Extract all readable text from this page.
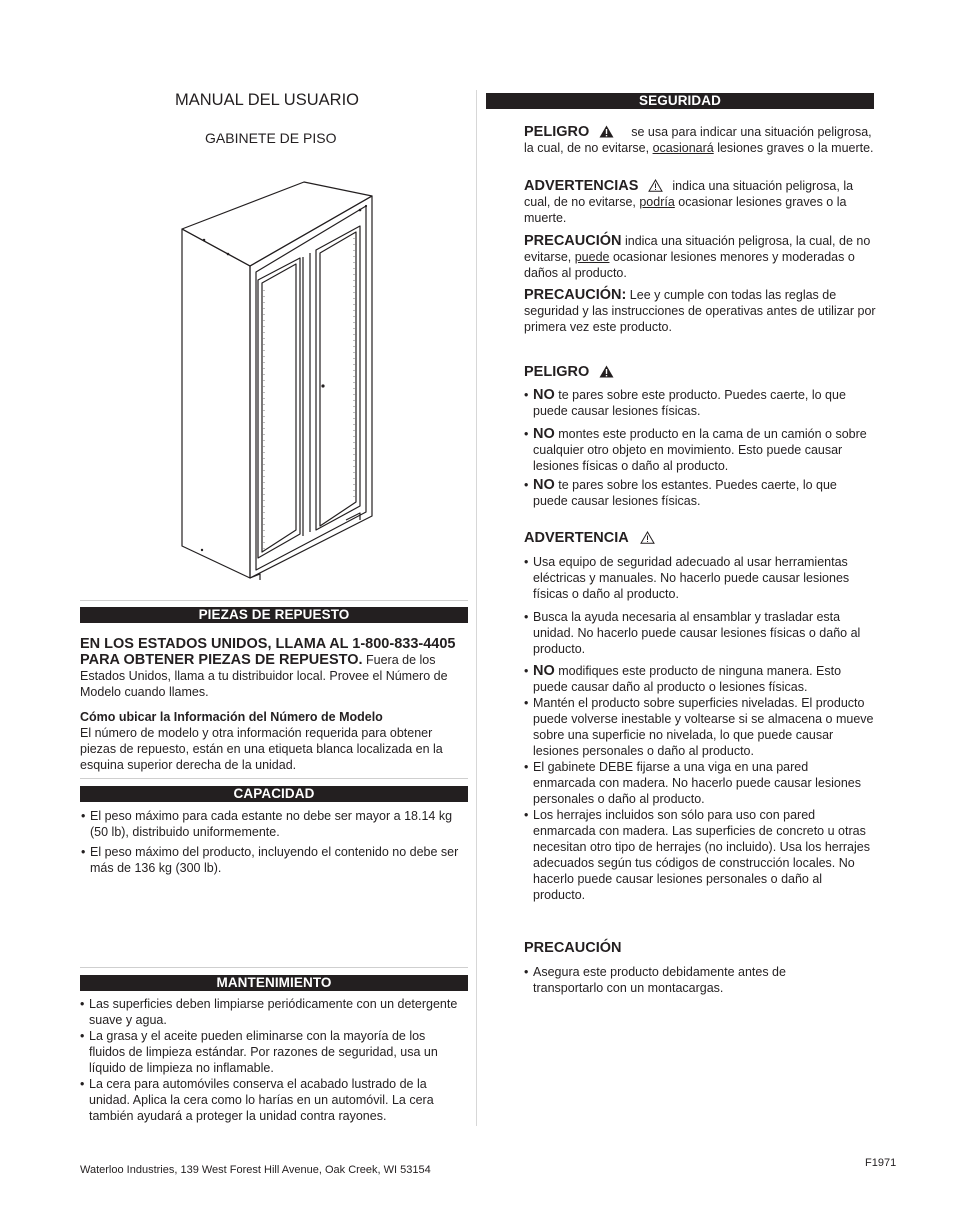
MANUAL DEL USUARIO
GABINETE DE PISO
PIEZAS DE REPUESTO
EN LOS ESTADOS UNIDOS, LLAMA AL 1-800-833-4405 PARA OBTENER PIEZAS DE REPUESTO. Fuera de los Estados Unidos, llama a tu distribuidor local. Provee el Número de Modelo cuando llames.
Cómo ubicar la Información del Número de Modelo
El número de modelo y otra información requerida para obtener piezas de repuesto, están en una etiqueta blanca localizada en la esquina superior derecha de la unidad.
CAPACIDAD
• El peso máximo para cada estante no debe ser mayor a 18.14 kg (50 lb), distribuido uniformemente.
• El peso máximo del producto, incluyendo el contenido no debe ser más de 136 kg (300 lb).
MANTENIMIENTO
• Las superficies deben limpiarse periódicamente con un detergente suave y agua.
• La grasa y el aceite pueden eliminarse con la mayoría de los fluidos de limpieza estándar. Por razones de seguridad, usa un líquido de limpieza no inflamable.
• La cera para automóviles conserva el acabado lustrado de la unidad. Aplica la cera como lo harías en un automóvil. La cera también ayudará a proteger la unidad contra rayones.
SEGURIDAD
PELIGRO	se usa para indicar una situación peligrosa, la cual, de no evitarse, ocasionará lesiones graves o la muerte.
ADVERTENCIAS	indica una situación peligrosa, la cual, de no evitarse, podría ocasionar lesiones graves o la muerte.
PRECAUCIÓN indica una situación peligrosa, la cual, de no evitarse, puede ocasionar lesiones menores y moderadas o daños al producto.
PRECAUCIÓN: Lee y cumple con todas las reglas de seguridad y las instrucciones de operativas antes de utilizar por primera vez este producto.
PELIGRO
• NO te pares sobre este producto. Puedes caerte, lo que puede causar lesiones físicas.
• NO montes este producto en la cama de un camión o sobre cualquier otro objeto en movimiento. Esto puede causar lesiones físicas o daño al producto.
• NO te pares sobre los estantes. Puedes caerte, lo que puede causar lesiones físicas.
ADVERTENCIA
• Usa equipo de seguridad adecuado al usar herramientas eléctricas y manuales. No hacerlo puede causar lesiones físicas o daño al producto.
• Busca la ayuda necesaria al ensamblar y trasladar esta unidad. No hacerlo puede causar lesiones físicas o daño al producto.
• NO modifiques este producto de ninguna manera. Esto puede causar daño al producto o lesiones físicas.
• Mantén el producto sobre superficies niveladas. El producto puede volverse inestable y voltearse si se almacena o mueve sobre una superficie no nivelada, lo que puede causar lesiones personales o daño al producto.
• El gabinete DEBE fijarse a una viga en una pared enmarcada con madera. No hacerlo puede causar lesiones personales o daño al producto.
• Los herrajes incluidos son sólo para uso con pared enmarcada con madera. Las superficies de concreto u otras necesitan otro tipo de herrajes (no incluido). Usa los herrajes adecuados según tus códigos de construcción locales. No hacerlo puede causar lesiones personales o daño al producto.
PRECAUCIÓN
• Asegura este producto debidamente antes de transportarlo con un montacargas.
Waterloo Industries, 139 West Forest Hill Avenue, Oak Creek, WI 53154
F1971
